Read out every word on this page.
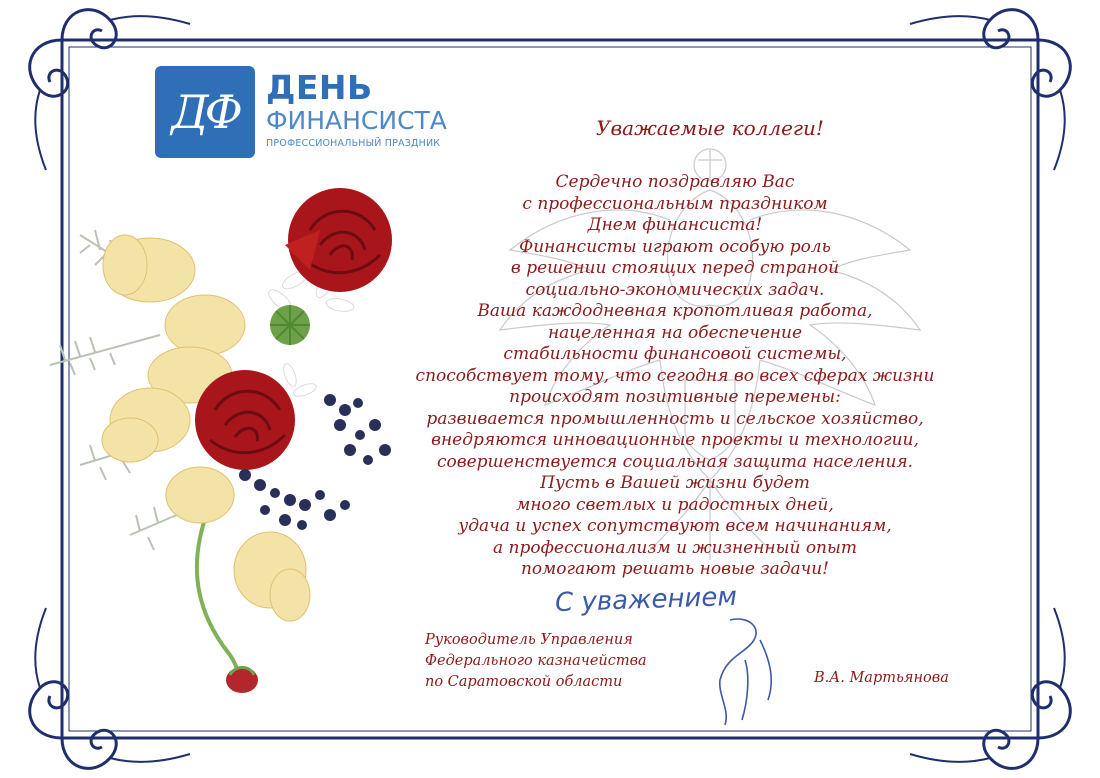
ДФ ДЕНЬ
ФИНАНСИСТА
ПРОФЕССИОНАЛЬНЫЙ ПРАЗДНИК
Уважаемые коллеги!
Сердечно поздравляю Вас
с профессиональным праздником
Днем финансиста!
Финансисты играют особую роль
в решении стоящих перед страной
социально-экономических задач.
Ваша каждодневная кропотливая работа,
нацеленная на обеспечение
стабильности финансовой системы,
способствует тому, что сегодня во всех сферах жизни
происходят позитивные перемены:
развивается промышленность и сельское хозяйство,
внедряются инновационные проекты и технологии,
совершенствуется социальная защита населения.
Пусть в Вашей жизни будет
много светлых и радостных дней,
удача и успех сопутствуют всем начинаниям,
а профессионализм и жизненный опыт
помогают решать новые задачи!
С уважением
Руководитель Управления
Федерального казначейства
по Саратовской области	В.А. Мартьянова
